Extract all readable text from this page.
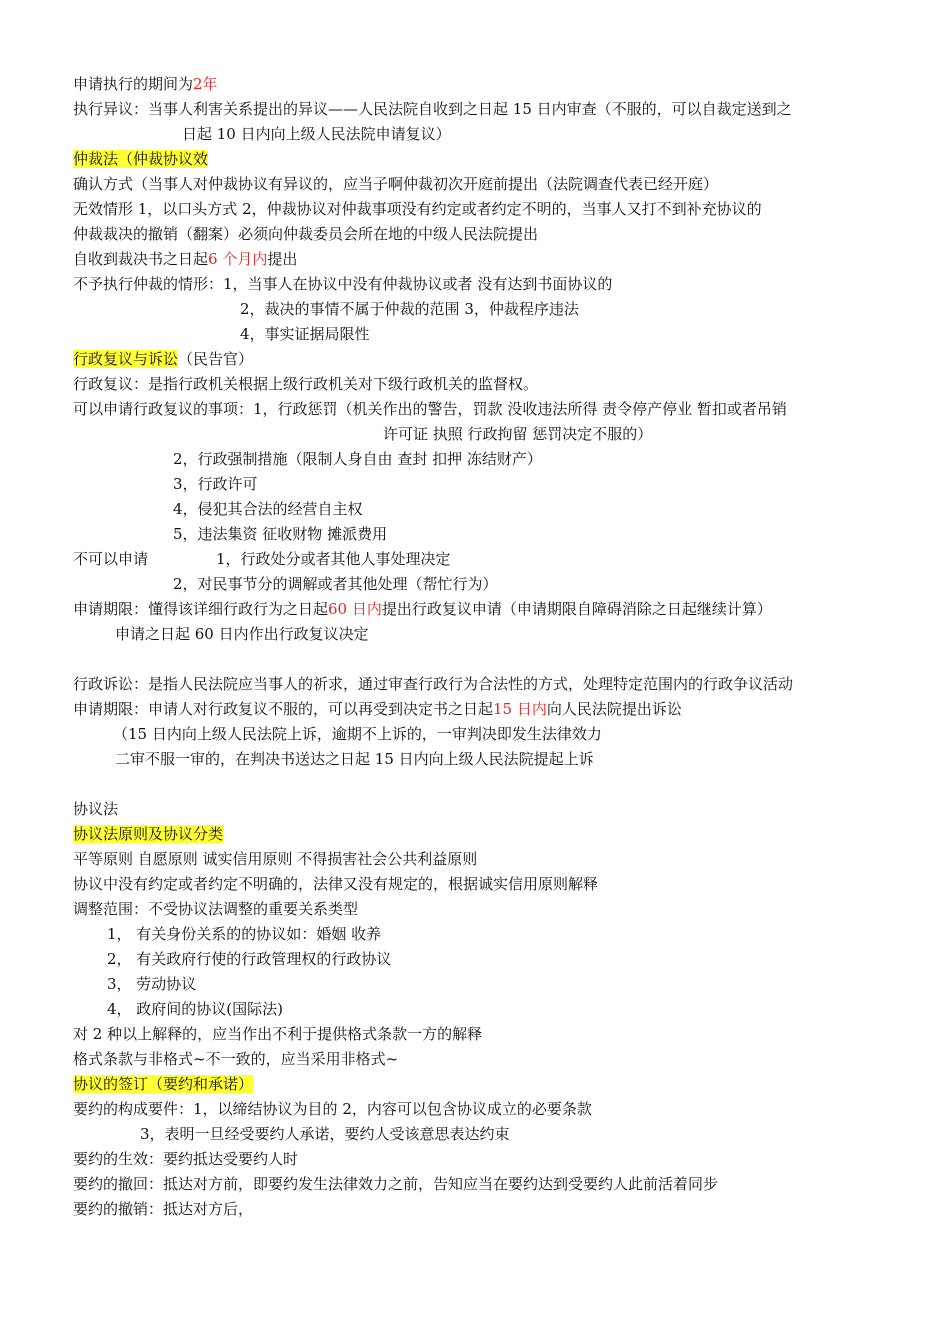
申请执行的期间为2年
执行异议：当事人利害关系提出的异议——人民法院自收到之日起 15 日内审查（不服的，可以自裁定送到之
日起 10 日内向上级人民法院申请复议）
仲裁法（仲裁协议效
确认方式（当事人对仲裁协议有异议的，应当子啊仲裁初次开庭前提出（法院调查代表已经开庭）
无效情形 1，以口头方式 2，仲裁协议对仲裁事项没有约定或者约定不明的，当事人又打不到补充协议的
仲裁裁决的撤销（翻案）必须向仲裁委员会所在地的中级人民法院提出
自收到裁决书之日起6 个月内提出
不予执行仲裁的情形：1，当事人在协议中没有仲裁协议或者 没有达到书面协议的
2，裁决的事情不属于仲裁的范围 3，仲裁程序违法
4，事实证据局限性
行政复议与诉讼（民告官）
行政复议：是指行政机关根据上级行政机关对下级行政机关的监督权。
可以申请行政复议的事项：1，行政惩罚（机关作出的警告，罚款 没收违法所得 责令停产停业 暂扣或者吊销
许可证 执照 行政拘留 惩罚决定不服的）
2，行政强制措施（限制人身自由 查封 扣押 冻结财产）
3，行政许可
4，侵犯其合法的经营自主权
5，违法集资 征收财物 摊派费用
不可以申请	1，行政处分或者其他人事处理决定
2，对民事节分的调解或者其他处理（帮忙行为）
申请期限：懂得该详细行政行为之日起60 日内提出行政复议申请（申请期限自障碍消除之日起继续计算）
申请之日起 60 日内作出行政复议决定
行政诉讼：是指人民法院应当事人的祈求，通过审查行政行为合法性的方式，处理特定范围内的行政争议活动
申请期限：申请人对行政复议不服的，可以再受到决定书之日起15 日内向人民法院提出诉讼
（15 日内向上级人民法院上诉，逾期不上诉的，一审判决即发生法律效力
二审不服一审的，在判决书送达之日起 15 日内向上级人民法院提起上诉
协议法
协议法原则及协议分类
平等原则 自愿原则 诚实信用原则 不得损害社会公共利益原则
协议中没有约定或者约定不明确的，法律又没有规定的，根据诚实信用原则解释
调整范围：不受协议法调整的重要关系类型
1， 有关身份关系的的协议如：婚姻 收养
2， 有关政府行使的行政管理权的行政协议
3， 劳动协议
4， 政府间的协议(国际法)
对 2 种以上解释的，应当作出不利于提供格式条款一方的解释
格式条款与非格式~不一致的，应当采用非格式~
协议的签订（要约和承诺）
要约的构成要件：1，以缔结协议为目的 2，内容可以包含协议成立的必要条款
3，表明一旦经受要约人承诺，要约人受该意思表达约束
要约的生效：要约抵达受要约人时
要约的撤回：抵达对方前，即要约发生法律效力之前，告知应当在要约达到受要约人此前活着同步
要约的撤销：抵达对方后，
